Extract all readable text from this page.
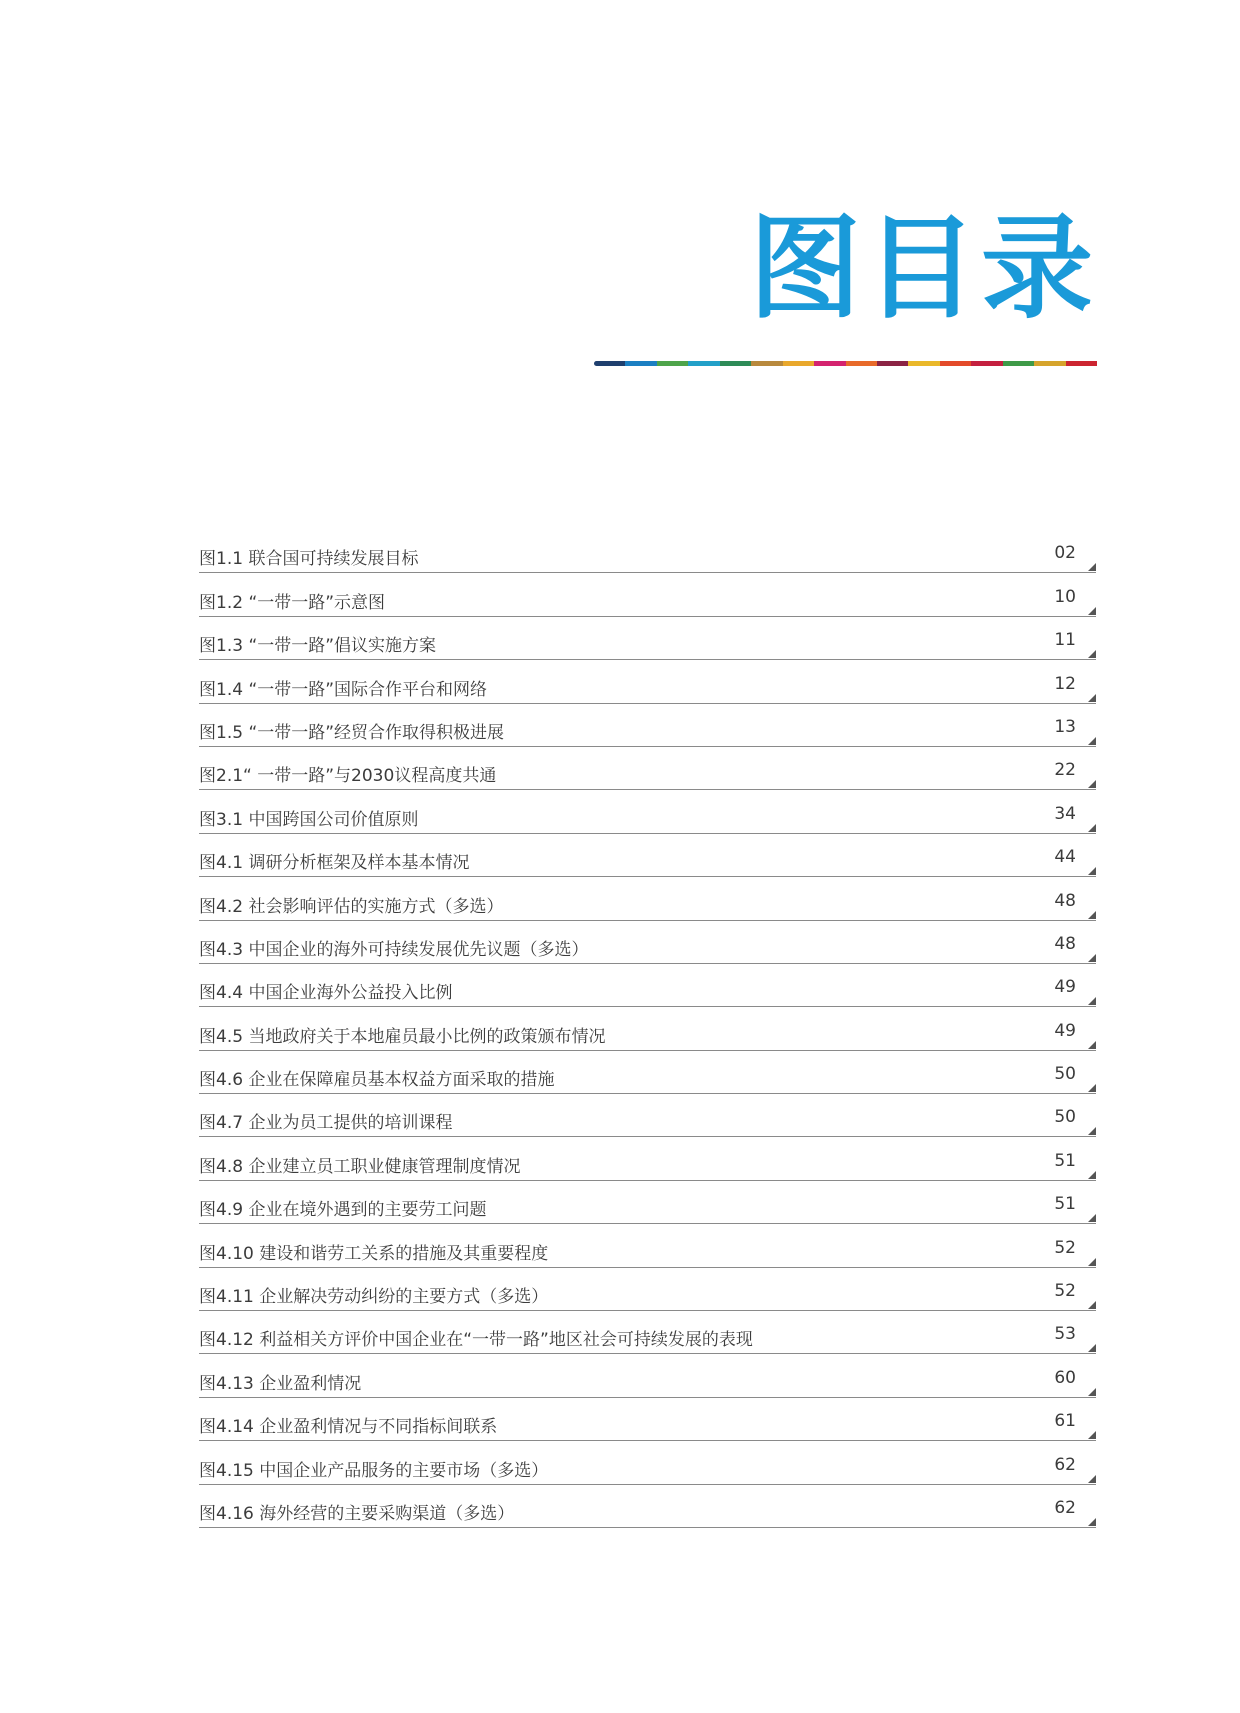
图目录
图1.1 联合国可持续发展目标	02
图1.2 “一带一路”示意图	10
图1.3 “一带一路”倡议实施方案	11
图1.4 “一带一路”国际合作平台和网络	12
图1.5 “一带一路”经贸合作取得积极进展	13
图2.1“ 一带一路”与2030议程高度共通	22
图3.1 中国跨国公司价值原则	34
图4.1 调研分析框架及样本基本情况	44
图4.2 社会影响评估的实施方式（多选）	48
图4.3 中国企业的海外可持续发展优先议题（多选）	48
图4.4 中国企业海外公益投入比例	49
图4.5 当地政府关于本地雇员最小比例的政策颁布情况	49
图4.6 企业在保障雇员基本权益方面采取的措施	50
图4.7 企业为员工提供的培训课程	50
图4.8 企业建立员工职业健康管理制度情况	51
图4.9 企业在境外遇到的主要劳工问题	51
图4.10 建设和谐劳工关系的措施及其重要程度	52
图4.11 企业解决劳动纠纷的主要方式（多选）	52
图4.12 利益相关方评价中国企业在“一带一路”地区社会可持续发展的表现	53
图4.13 企业盈利情况	60
图4.14 企业盈利情况与不同指标间联系	61
图4.15 中国企业产品服务的主要市场（多选）	62
图4.16 海外经营的主要采购渠道（多选）	62
